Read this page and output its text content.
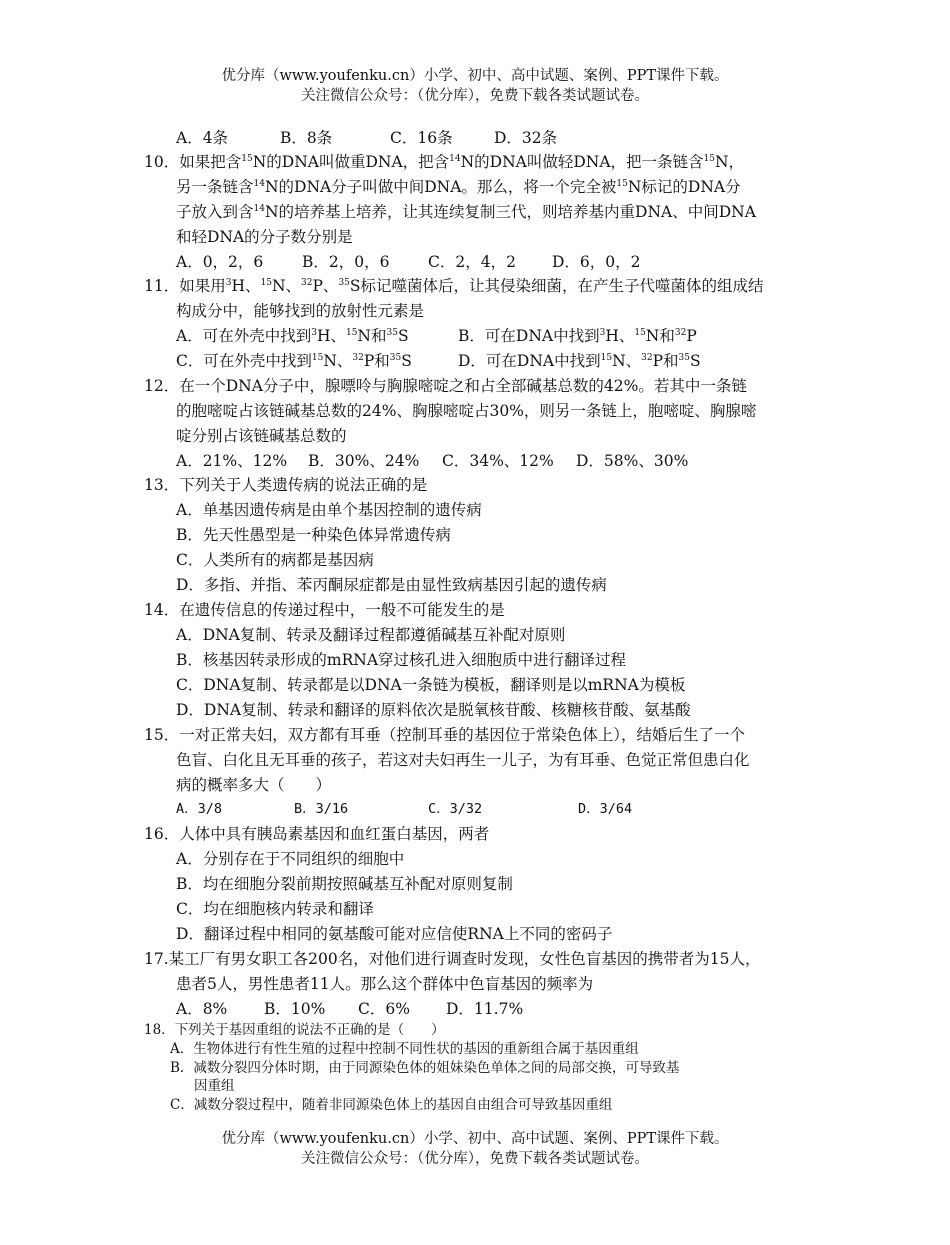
优分库（www.youfenku.cn）小学、初中、高中试题、案例、PPT课件下载。
关注微信公众号：（优分库），免费下载各类试题试卷。
A．4条	B．8条	C．16条	D．32条
10．如果把含$^{15}$N的DNA叫做重DNA，把含$^{14}$N的DNA叫做轻DNA，把一条链含$^{15}$N，
另一条链含$^{14}$N的DNA分子叫做中间DNA。那么，将一个完全被$^{15}$N标记的DNA分
子放入到含$^{14}$N的培养基上培养，让其连续复制三代，则培养基内重DNA、中间DNA
和轻DNA的分子数分别是
A．0，2，6 B．2，0，6 C．2，4，2 D．6，0，2
11．如果用$^3$H、$^{15}$N、$^{32}$P、$^{35}$S标记噬菌体后，让其侵染细菌，在产生子代噬菌体的组成结
构成分中，能够找到的放射性元素是
A．可在外壳中找到$^3$H、$^{15}$N和$^{35}$S	B．可在DNA中找到$^3$H、$^{15}$N和$^{32}$P
C．可在外壳中找到$^{15}$N、$^{32}$P和$^{35}$S	D．可在DNA中找到$^{15}$N、$^{32}$P和$^{35}$S
12．在一个DNA分子中，腺嘌呤与胸腺嘧啶之和占全部碱基总数的42%。若其中一条链
的胞嘧啶占该链碱基总数的24%、胸腺嘧啶占30%，则另一条链上，胞嘧啶、胸腺嘧
啶分别占该链碱基总数的
A．21%、12% B．30%、24% C．34%、12% D．58%、30%
13．下列关于人类遗传病的说法正确的是
A．单基因遗传病是由单个基因控制的遗传病
B．先天性愚型是一种染色体异常遗传病
C．人类所有的病都是基因病
D．多指、并指、苯丙酮尿症都是由显性致病基因引起的遗传病
14．在遗传信息的传递过程中，一般不可能发生的是
A．DNA复制、转录及翻译过程都遵循碱基互补配对原则
B．核基因转录形成的mRNA穿过核孔进入细胞质中进行翻译过程
C．DNA复制、转录都是以DNA一条链为模板，翻译则是以mRNA为模板
D．DNA复制、转录和翻译的原料依次是脱氧核苷酸、核糖核苷酸、氨基酸
15．一对正常夫妇，双方都有耳垂（控制耳垂的基因位于常染色体上），结婚后生了一个
色盲、白化且无耳垂的孩子，若这对夫妇再生一儿子，为有耳垂、色觉正常但患白化
病的概率多大（　　）
A．3/8	B．3/16	C．3/32	D．3/64
16．人体中具有胰岛素基因和血红蛋白基因，两者
A．分别存在于不同组织的细胞中
B．均在细胞分裂前期按照碱基互补配对原则复制
C．均在细胞核内转录和翻译
D．翻译过程中相同的氨基酸可能对应信使RNA上不同的密码子
17.某工厂有男女职工各200名，对他们进行调查时发现，女性色盲基因的携带者为15人，
患者5人，男性患者11人。那么这个群体中色盲基因的频率为
A．8% B．10% C．6% D．11.7%
18．下列关于基因重组的说法不正确的是（　　）
A．生物体进行有性生殖的过程中控制不同性状的基因的重新组合属于基因重组
B．减数分裂四分体时期，由于同源染色体的姐妹染色单体之间的局部交换，可导致基
因重组
C．减数分裂过程中，随着非同源染色体上的基因自由组合可导致基因重组
优分库（www.youfenku.cn）小学、初中、高中试题、案例、PPT课件下载。
关注微信公众号：（优分库），免费下载各类试题试卷。
